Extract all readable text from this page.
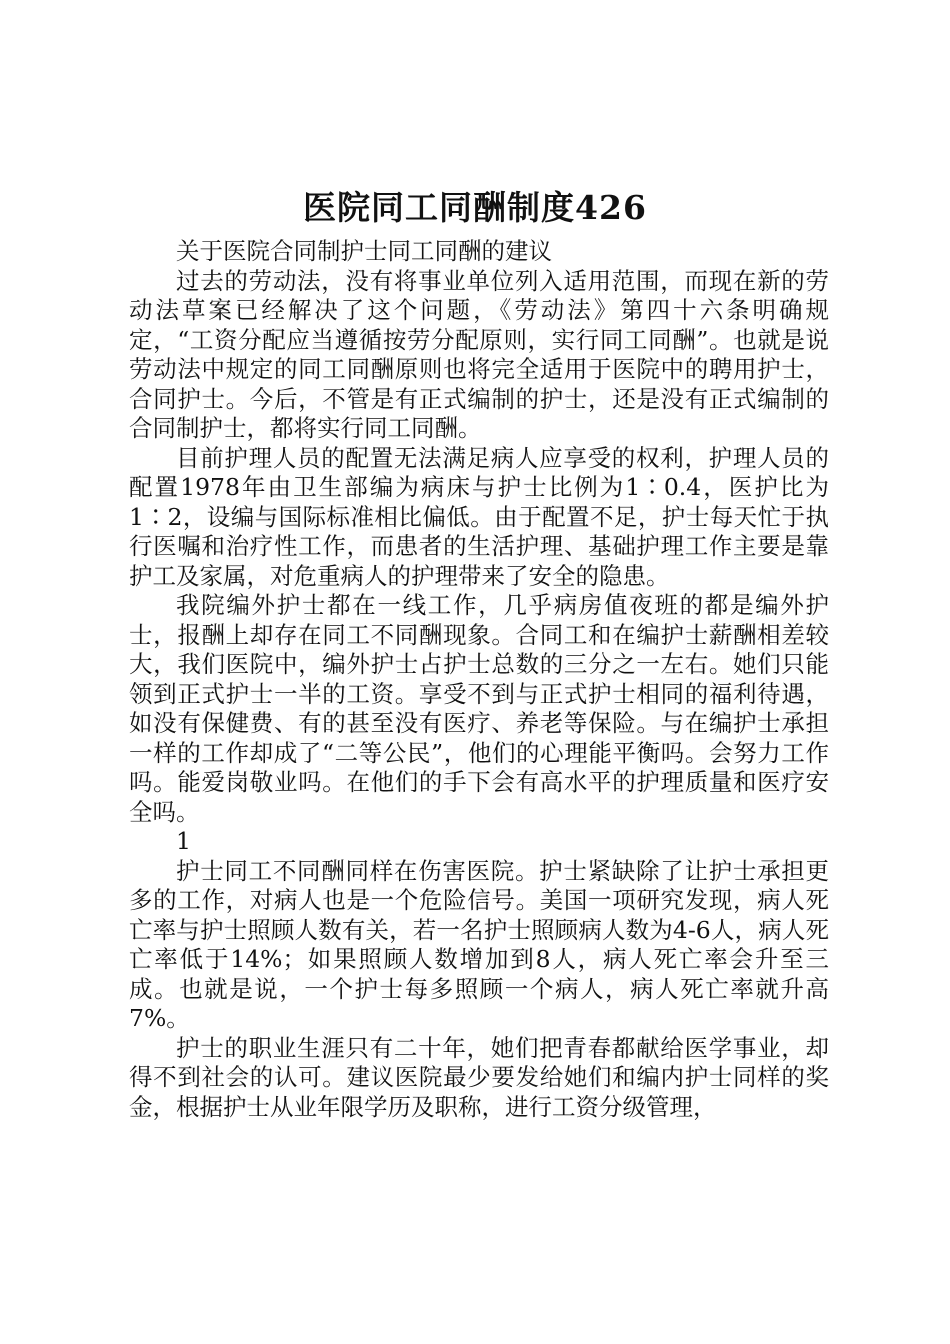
医院同工同酬制度426

关于医院合同制护士同工同酬的建议

过去的劳动法，没有将事业单位列入适用范围，而现在新的劳动法草案已经解决了这个问题，《劳动法》第四十六条明确规定，“工资分配应当遵循按劳分配原则，实行同工同酬”。也就是说劳动法中规定的同工同酬原则也将完全适用于医院中的聘用护士，合同护士。今后，不管是有正式编制的护士，还是没有正式编制的合同制护士，都将实行同工同酬。

目前护理人员的配置无法满足病人应享受的权利，护理人员的配置1978年由卫生部编为病床与护士比例为1∶0.4，医护比为1∶2，设编与国际标准相比偏低。由于配置不足，护士每天忙于执行医嘱和治疗性工作，而患者的生活护理、基础护理工作主要是靠护工及家属，对危重病人的护理带来了安全的隐患。

我院编外护士都在一线工作，几乎病房值夜班的都是编外护士，报酬上却存在同工不同酬现象。合同工和在编护士薪酬相差较大，我们医院中，编外护士占护士总数的三分之一左右。她们只能领到正式护士一半的工资。享受不到与正式护士相同的福利待遇，如没有保健费、有的甚至没有医疗、养老等保险。与在编护士承担一样的工作却成了“二等公民”，他们的心理能平衡吗。会努力工作吗。能爱岗敬业吗。在他们的手下会有高水平的护理质量和医疗安全吗。

1

护士同工不同酬同样在伤害医院。护士紧缺除了让护士承担更多的工作，对病人也是一个危险信号。美国一项研究发现，病人死亡率与护士照顾人数有关，若一名护士照顾病人数为4-6人，病人死亡率低于14%；如果照顾人数增加到8人，病人死亡率会升至三成。也就是说，一个护士每多照顾一个病人，病人死亡率就升高7%。

护士的职业生涯只有二十年，她们把青春都献给医学事业，却得不到社会的认可。建议医院最少要发给她们和编内护士同样的奖金，根据护士从业年限学历及职称，进行工资分级管理，
